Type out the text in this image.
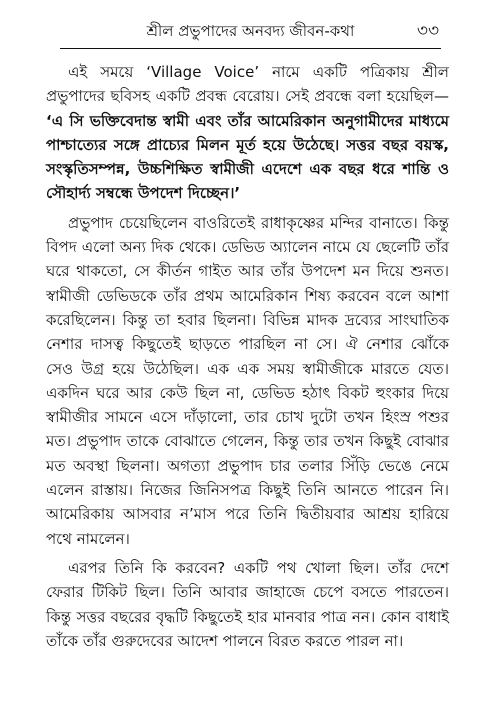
শ্রীল প্রভুপাদের অনবদ্য জীবন-কথা	৩৩

এই সময়ে ‘Village Voice’ নামে একটি পত্রিকায় শ্রীল প্রভুপাদের ছবিসহ একটি প্রবন্ধ বেরোয়। সেই প্রবন্ধে বলা হয়েছিল— ‘এ সি ভক্তিবেদান্ত স্বামী এবং তাঁর আমেরিকান অনুগামীদের মাধ্যমে পাশ্চাত্যের সঙ্গে প্রাচ্যের মিলন মূর্ত হয়ে উঠেছে। সত্তর বছর বয়স্ক, সংস্কৃতিসম্পন্ন, উচ্চশিক্ষিত স্বামীজী এদেশে এক বছর ধরে শান্তি ও সৌহার্দ্য সম্বন্ধে উপদেশ দিচ্ছেন।’

প্রভুপাদ চেয়েছিলেন বাওরিতেই রাধাকৃষ্ণের মন্দির বানাতে। কিন্তু বিপদ এলো অন্য দিক থেকে। ডেভিড অ্যালেন নামে যে ছেলেটি তাঁর ঘরে থাকতো, সে কীর্তন গাইত আর তাঁর উপদেশ মন দিয়ে শুনত। স্বামীজী ডেভিডকে তাঁর প্রথম আমেরিকান শিষ্য করবেন বলে আশা করেছিলেন। কিন্তু তা হবার ছিলনা। বিভিন্ন মাদক দ্রব্যের সাংঘাতিক নেশার দাসত্ব কিছুতেই ছাড়তে পারছিল না সে। ঐ নেশার ঝোঁকে সেও উগ্র হয়ে উঠেছিল। এক এক সময় স্বামীজীকে মারতে যেত। একদিন ঘরে আর কেউ ছিল না, ডেভিড হঠাৎ বিকট হুংকার দিয়ে স্বামীজীর সামনে এসে দাঁড়ালো, তার চোখ দুটো তখন হিংস্র পশুর মত। প্রভুপাদ তাকে বোঝাতে গেলেন, কিন্তু তার তখন কিছুই বোঝার মত অবস্থা ছিলনা। অগত্যা প্রভুপাদ চার তলার সিঁড়ি ভেঙে নেমে এলেন রাস্তায়। নিজের জিনিসপত্র কিছুই তিনি আনতে পারেন নি। আমেরিকায় আসবার ন’মাস পরে তিনি দ্বিতীয়বার আশ্রয় হারিয়ে পথে নামলেন।

এরপর তিনি কি করবেন? একটি পথ খোলা ছিল। তাঁর দেশে ফেরার টিকিট ছিল। তিনি আবার জাহাজে চেপে বসতে পারতেন। কিন্তু সত্তর বছরের বৃদ্ধটি কিছুতেই হার মানবার পাত্র নন। কোন বাধাই তাঁকে তাঁর গুরুদেবের আদেশ পালনে বিরত করতে পারল না।
